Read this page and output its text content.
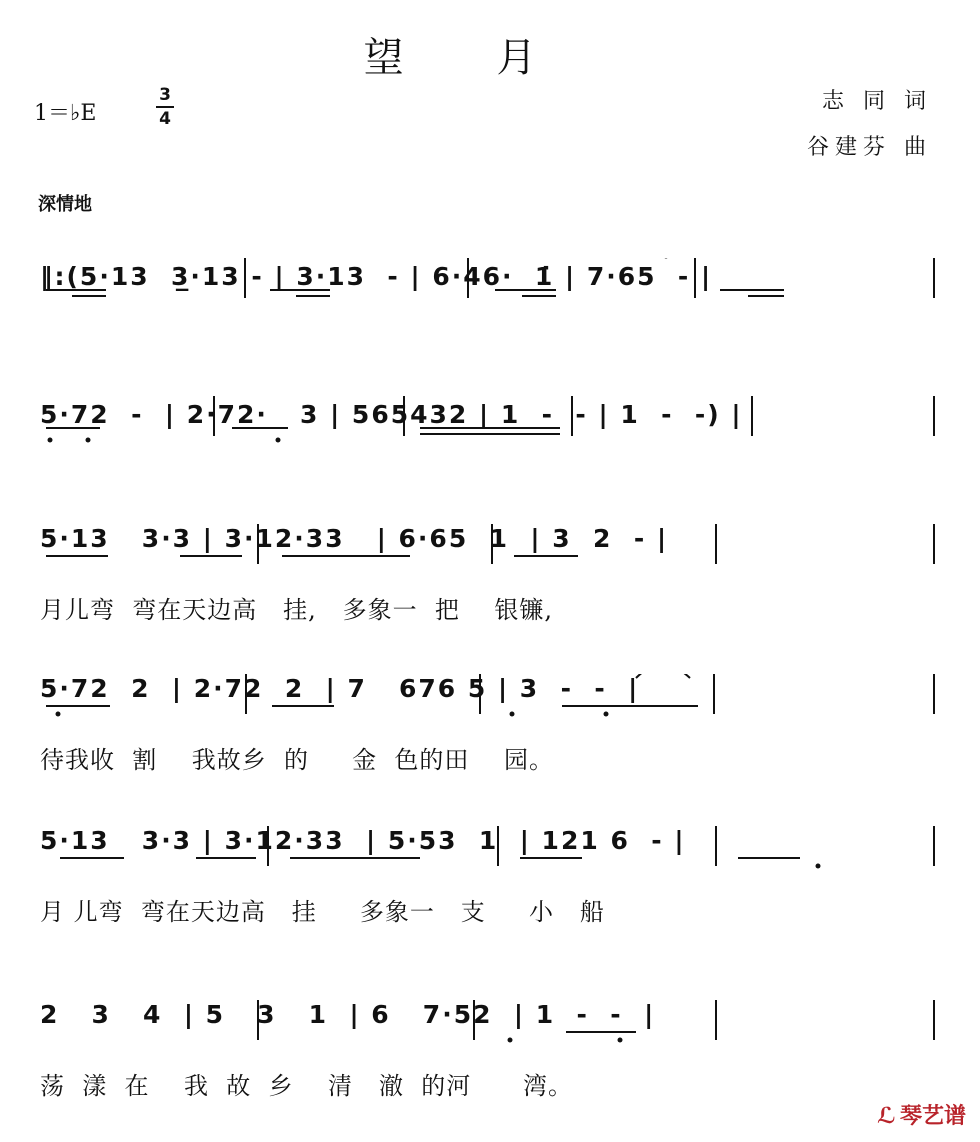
望 月
1＝♭E
3
4
志 同 词
谷建芬 曲
深情地
‖:(5·13  3̲·13 - | 3·13  - | 6·46·  1̇ | 7·65  - |
5·72  -  | 2·72·   3 | 565432 | 1  -  - | 1  -  -) |
5·13   3·3 | 3·12·33   | 6·65  1  | 3  2  - |
月儿弯  弯在天边高   挂,   多象一  把    银镰,
5·72  2  | 2·72  2  | 7   676 5 | 3  -  -  |
待我收  割    我故乡  的     金  色的田    园。
5·13   3·3 | 3·12·33  | 5·53  1  | 121 6  - |
月 儿弯  弯在天边高   挂     多象一   支     小   船
2   3   4  | 5   3   1  | 6   7·52  | 1  -  -  |
荡  漾  在    我  故  乡    清   澈  的河      湾。
ℒ 琴艺谱
